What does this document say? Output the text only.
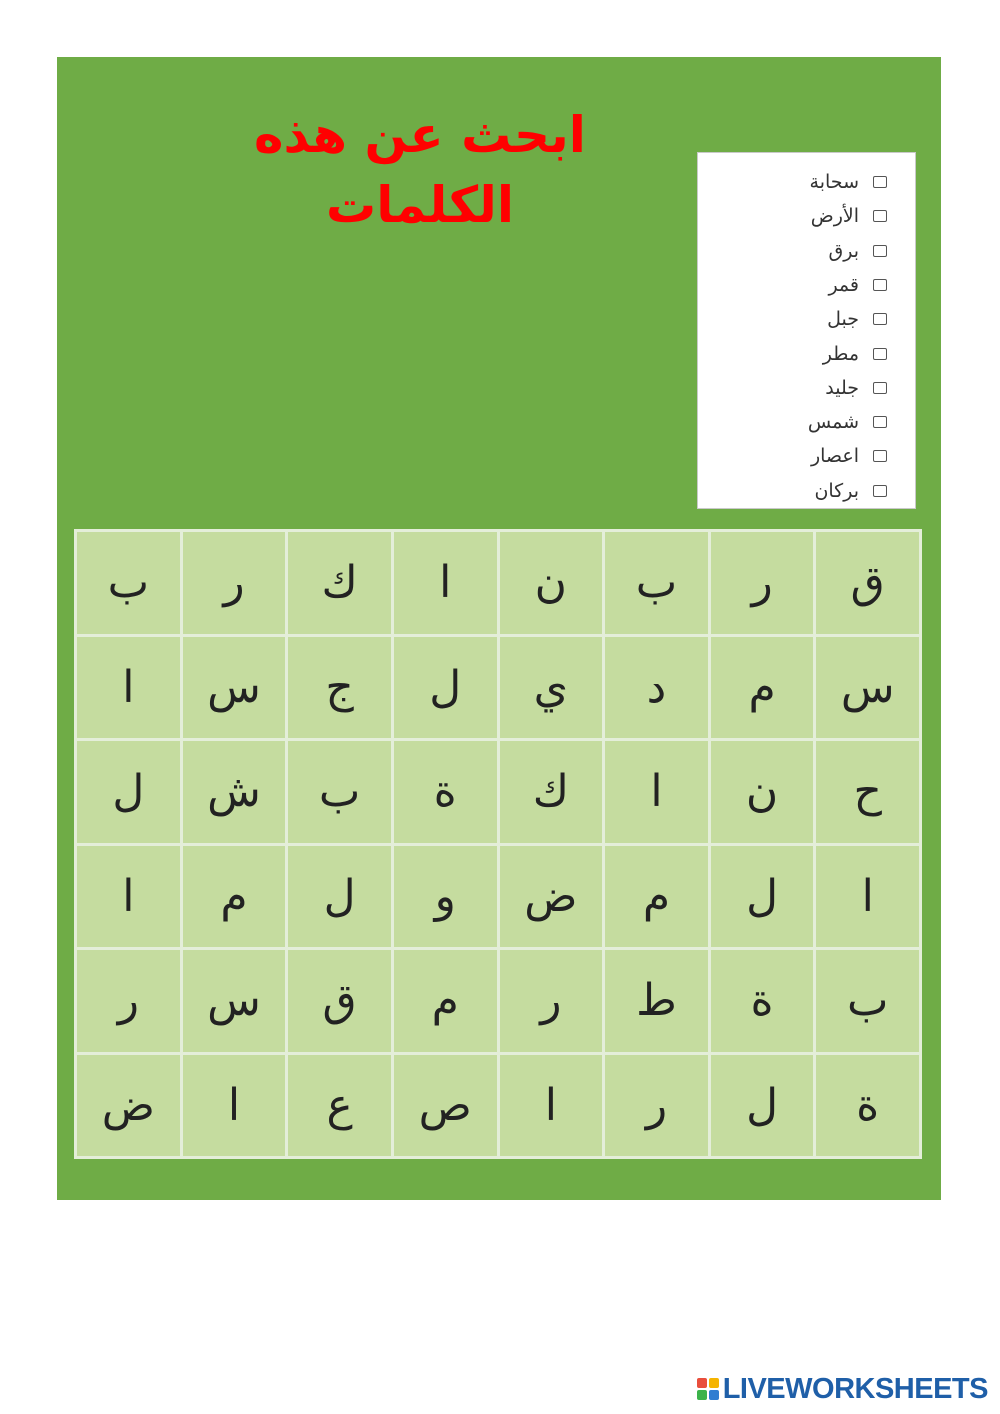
ابحث عن هذه الكلمات	سحابة
الأرض
برق
قمر
جبل
مطر
جليد
شمس
اعصار
بركان
ق
ر
ب
ن
ا
ك
ر
ب
س
م
د
ي
ل
ج
س
ا
ح
ن
ا
ك
ة
ب
ش
ل
ا
ل
م
ض
و
ل
م
ا
ب
ة
ط
ر
م
ق
س
ر
ة
ل
ر
ا
ص
ع
ا
ض
LIVEWORKSHEETS
